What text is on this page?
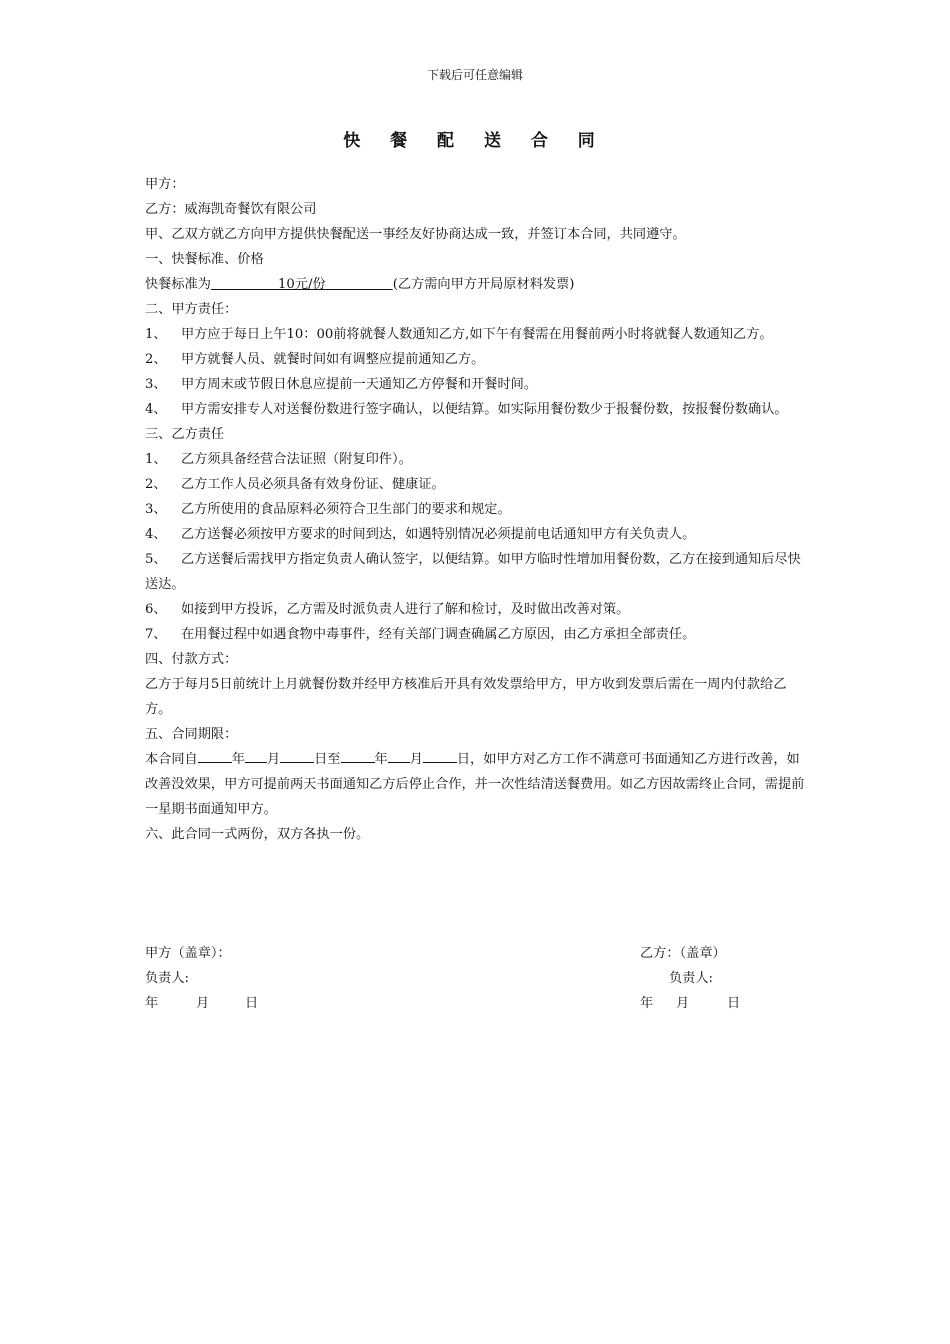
下载后可任意编辑
快 餐 配 送 合 同
甲方：
乙方：威海凯奇餐饮有限公司
甲、乙双方就乙方向甲方提供快餐配送一事经友好协商达成一致，并签订本合同，共同遵守。
一、快餐标准、价格
快餐标准为	10元/份	(乙方需向甲方开局原材料发票)
二、甲方责任：
1、 甲方应于每日上午10：00前将就餐人数通知乙方,如下午有餐需在用餐前两小时将就餐人数通知乙方。
2、 甲方就餐人员、就餐时间如有调整应提前通知乙方。
3、 甲方周末或节假日休息应提前一天通知乙方停餐和开餐时间。
4、 甲方需安排专人对送餐份数进行签字确认，以便结算。如实际用餐份数少于报餐份数，按报餐份数确认。
三、乙方责任
1、 乙方须具备经营合法证照（附复印件）。
2、 乙方工作人员必须具备有效身份证、健康证。
3、 乙方所使用的食品原料必须符合卫生部门的要求和规定。
4、 乙方送餐必须按甲方要求的时间到达，如遇特别情况必须提前电话通知甲方有关负责人。
5、 乙方送餐后需找甲方指定负责人确认签字，以便结算。如甲方临时性增加用餐份数，乙方在接到通知后尽快送达。
6、 如接到甲方投诉，乙方需及时派负责人进行了解和检讨，及时做出改善对策。
7、 在用餐过程中如遇食物中毒事件，经有关部门调查确属乙方原因，由乙方承担全部责任。
四、付款方式：
乙方于每月5日前统计上月就餐份数并经甲方核准后开具有效发票给甲方，甲方收到发票后需在一周内付款给乙方。
五、合同期限：
本合同自	年 月	日至	年 月	日，如甲方对乙方工作不满意可书面通知乙方进行改善，如改善没效果，甲方可提前两天书面通知乙方后停止合作，并一次性结清送餐费用。如乙方因故需终止合同，需提前一星期书面通知甲方。
六、此合同一式两份，双方各执一份。
甲方（盖章）：	乙方：（盖章）
负责人:	负责人:
年	月	日	年 月	日
